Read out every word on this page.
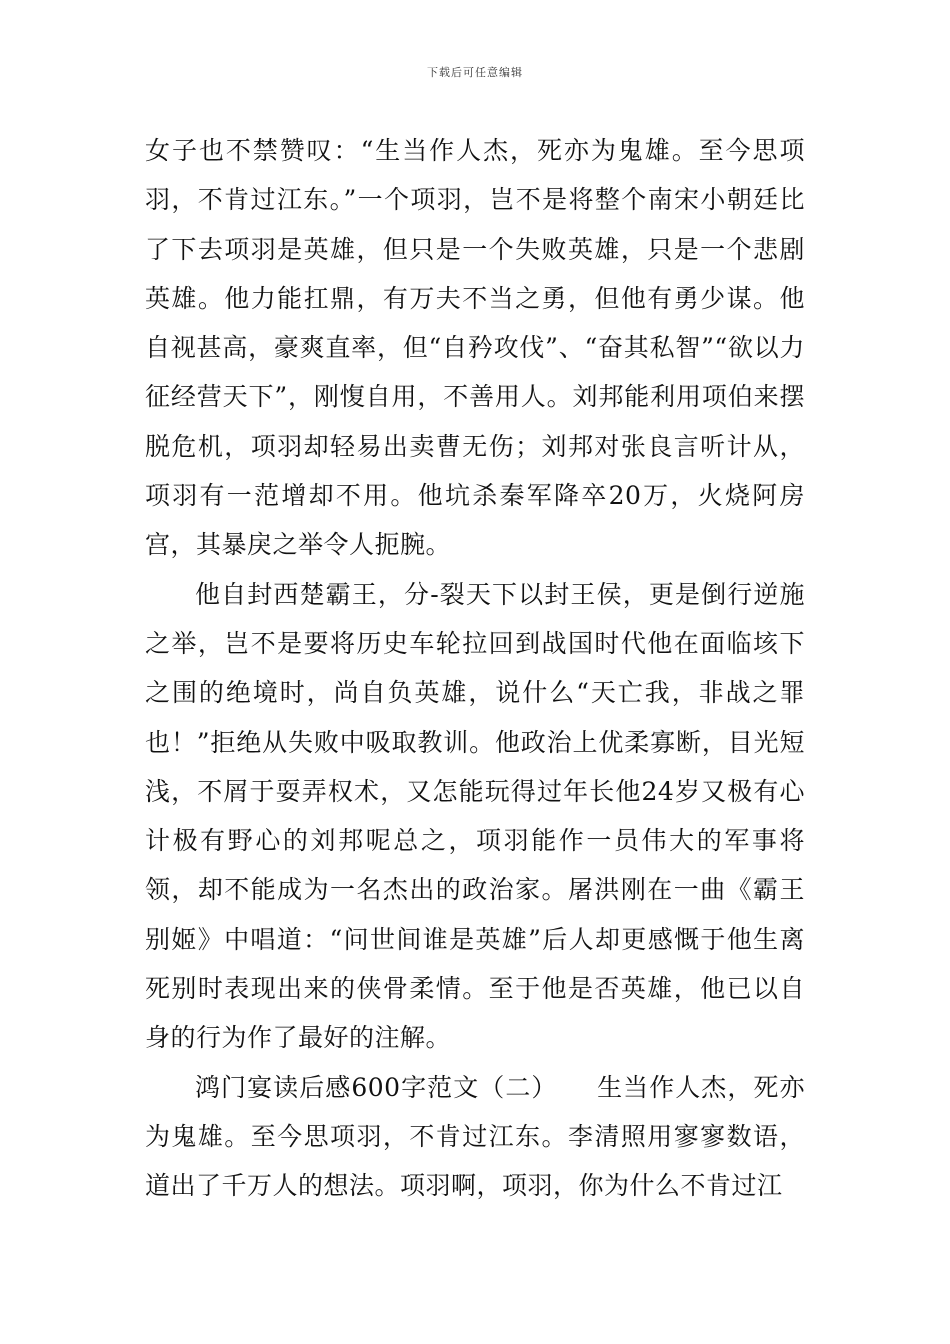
下载后可任意编辑

女子也不禁赞叹：“生当作人杰，死亦为鬼雄。至今思项羽，不肯过江东。”一个项羽，岂不是将整个南宋小朝廷比了下去项羽是英雄，但只是一个失败英雄，只是一个悲剧英雄。他力能扛鼎，有万夫不当之勇，但他有勇少谋。他自视甚高，豪爽直率，但“自矜攻伐”、“奋其私智”“欲以力征经营天下”，刚愎自用，不善用人。刘邦能利用项伯来摆脱危机，项羽却轻易出卖曹无伤；刘邦对张良言听计从，项羽有一范增却不用。他坑杀秦军降卒20万，火烧阿房宫，其暴戾之举令人扼腕。

他自封西楚霸王，分-裂天下以封王侯，更是倒行逆施之举，岂不是要将历史车轮拉回到战国时代他在面临垓下之围的绝境时，尚自负英雄，说什么“天亡我，非战之罪也！”拒绝从失败中吸取教训。他政治上优柔寡断，目光短浅，不屑于耍弄权术，又怎能玩得过年长他24岁又极有心计极有野心的刘邦呢总之，项羽能作一员伟大的军事将领，却不能成为一名杰出的政治家。屠洪刚在一曲《霸王别姬》中唱道：“问世间谁是英雄”后人却更感慨于他生离死别时表现出来的侠骨柔情。至于他是否英雄，他已以自身的行为作了最好的注解。

鸿门宴读后感600字范文（二）　　生当作人杰，死亦为鬼雄。至今思项羽，不肯过江东。李清照用寥寥数语，道出了千万人的想法。项羽啊，项羽，你为什么不肯过江
